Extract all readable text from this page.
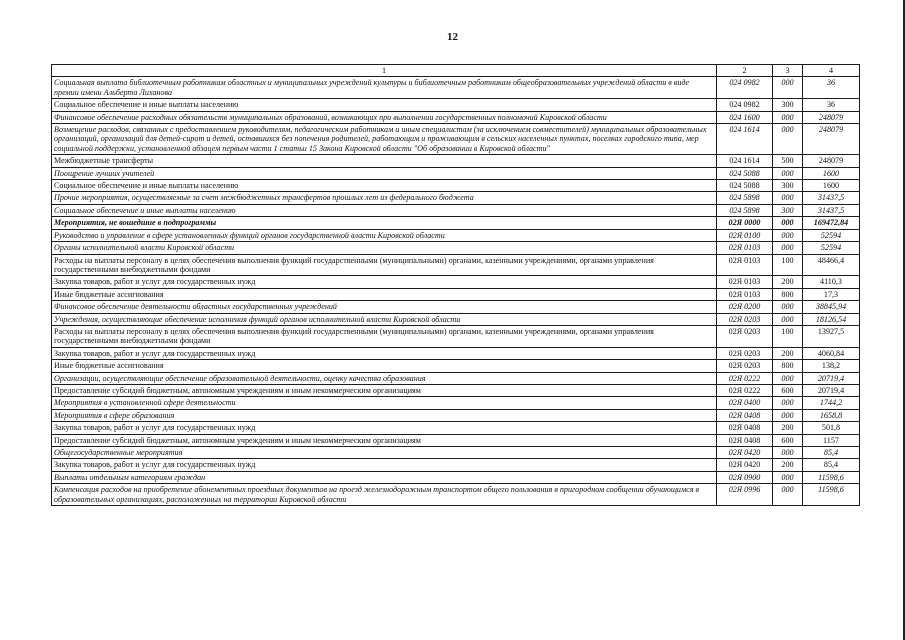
12
1	2	3	4
Социальная выплата библиотечным работникам областных и муниципальных учреждений культуры и библиотечным работникам общеобразовательных учреждений области в виде премии имени Альберта Лиханова	024 0982	000	36
Социальное обеспечение и иные выплаты населению	024 0982	300	36
Финансовое обеспечение расходных обязательств муниципальных образований, возникающих при выполнении государственных полномочий Кировской области	024 1600	000	248079
Возмещение расходов, связанных с предоставлением руководителям, педагогическим работникам и иным специалистам (за исключением совместителей) муниципальных образовательных организаций, организаций для детей-сирот и детей, оставшихся без попечения родителей, работающим и проживающим в сельских населенных пунктах, поселках городского типа, мер социальной поддержки, установленной абзацем первым части 1 статьи 15 Закона Кировской области "Об образовании в Кировской области"	024 1614	000	248079
Межбюджетные трансферты	024 1614	500	248079
Поощрение лучших учителей	024 5088	000	1600
Социальное обеспечение и иные выплаты населению	024 5088	300	1600
Прочие мероприятия, осуществляемые за счет межбюджетных трансфертов прошлых лет из федерального бюджета	024 5898	000	31437,5
Социальное обеспечение и иные выплаты населению	024 5898	300	31437,5
Мероприятия, не вошедшие в подпрограммы	02Я 0000	000	169472,84
Руководство и управление в сфере установленных функций органов государственной власти Кировской области	02Я 0100	000	52594
Органы исполнительной власти Кировской области	02Я 0103	000	52594
Расходы на выплаты персоналу в целях обеспечения выполнения функций государственными (муниципальными) органами, казенными учреждениями, органами управления государственными внебюджетными фондами	02Я 0103	100	48466,4
Закупка товаров, работ и услуг для государственных нужд	02Я 0103	200	4110,3
Иные бюджетные ассигнования	02Я 0103	800	17,3
Финансовое обеспечение деятельности областных государственных учреждений	02Я 0200	000	38845,94
Учреждения, осуществляющие обеспечение исполнения функций органов исполнительной власти Кировской области	02Я 0203	000	18126,54
Расходы на выплаты персоналу в целях обеспечения выполнения функций государственными (муниципальными) органами, казенными учреждениями, органами управления государственными внебюджетными фондами	02Я 0203	100	13927,5
Закупка товаров, работ и услуг для государственных нужд	02Я 0203	200	4060,84
Иные бюджетные ассигнования	02Я 0203	800	138,2
Организации, осуществляющие обеспечение образовательной деятельности, оценку качества образования	02Я 0222	000	20719,4
Предоставление субсидий бюджетным, автономным учреждениям и иным некоммерческим организациям	02Я 0222	600	20719,4
Мероприятия в установленной сфере деятельности	02Я 0400	000	1744,2
Мероприятия в сфере образования	02Я 0408	000	1658,8
Закупка товаров, работ и услуг для государственных нужд	02Я 0408	200	501,8
Предоставление субсидий бюджетным, автономным учреждениям и иным некоммерческим организациям	02Я 0408	600	1157
Общегосударственные мероприятия	02Я 0420	000	85,4
Закупка товаров, работ и услуг для государственных нужд	02Я 0420	200	85,4
Выплаты отдельным категориям граждан	02Я 0900	000	11598,6
Компенсация расходов на приобретение абонементных проездных документов на проезд железнодорожным транспортом общего пользования в пригородном сообщении обучающимся в образовательных организациях, расположенных на территории Кировской области	02Я 0996	000	11598,6
